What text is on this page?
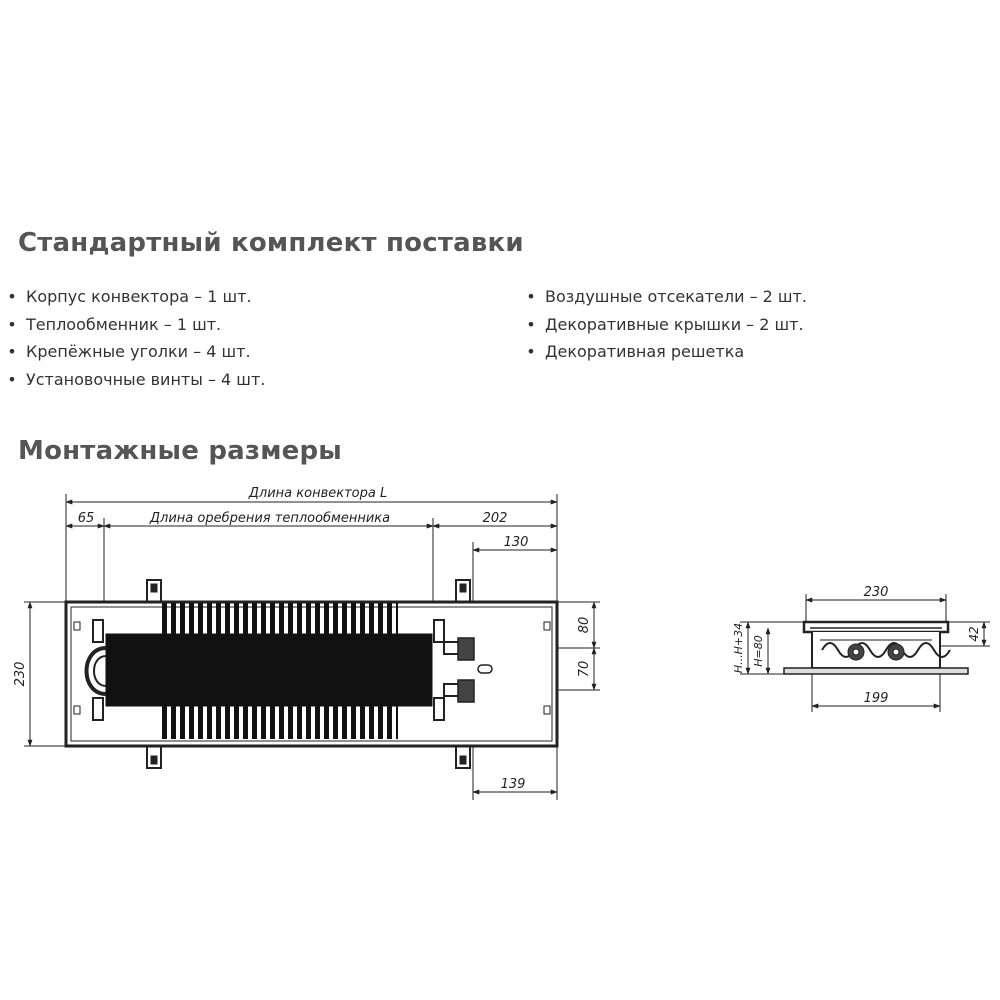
Стандартный комплект поставки
• Корпус конвектора – 1 шт.
• Теплообменник – 1 шт.
• Крепёжные уголки – 4 шт.
• Установочные винты – 4 шт.
• Воздушные отсекатели – 2 шт.
• Декоративные крышки – 2 шт.
• Декоративная решетка
Монтажные размеры
Длина конвектора L
65	Длина оребрения теплообменника	202
130
230
80
70
139
230
42
H...H+34 H=80
199
